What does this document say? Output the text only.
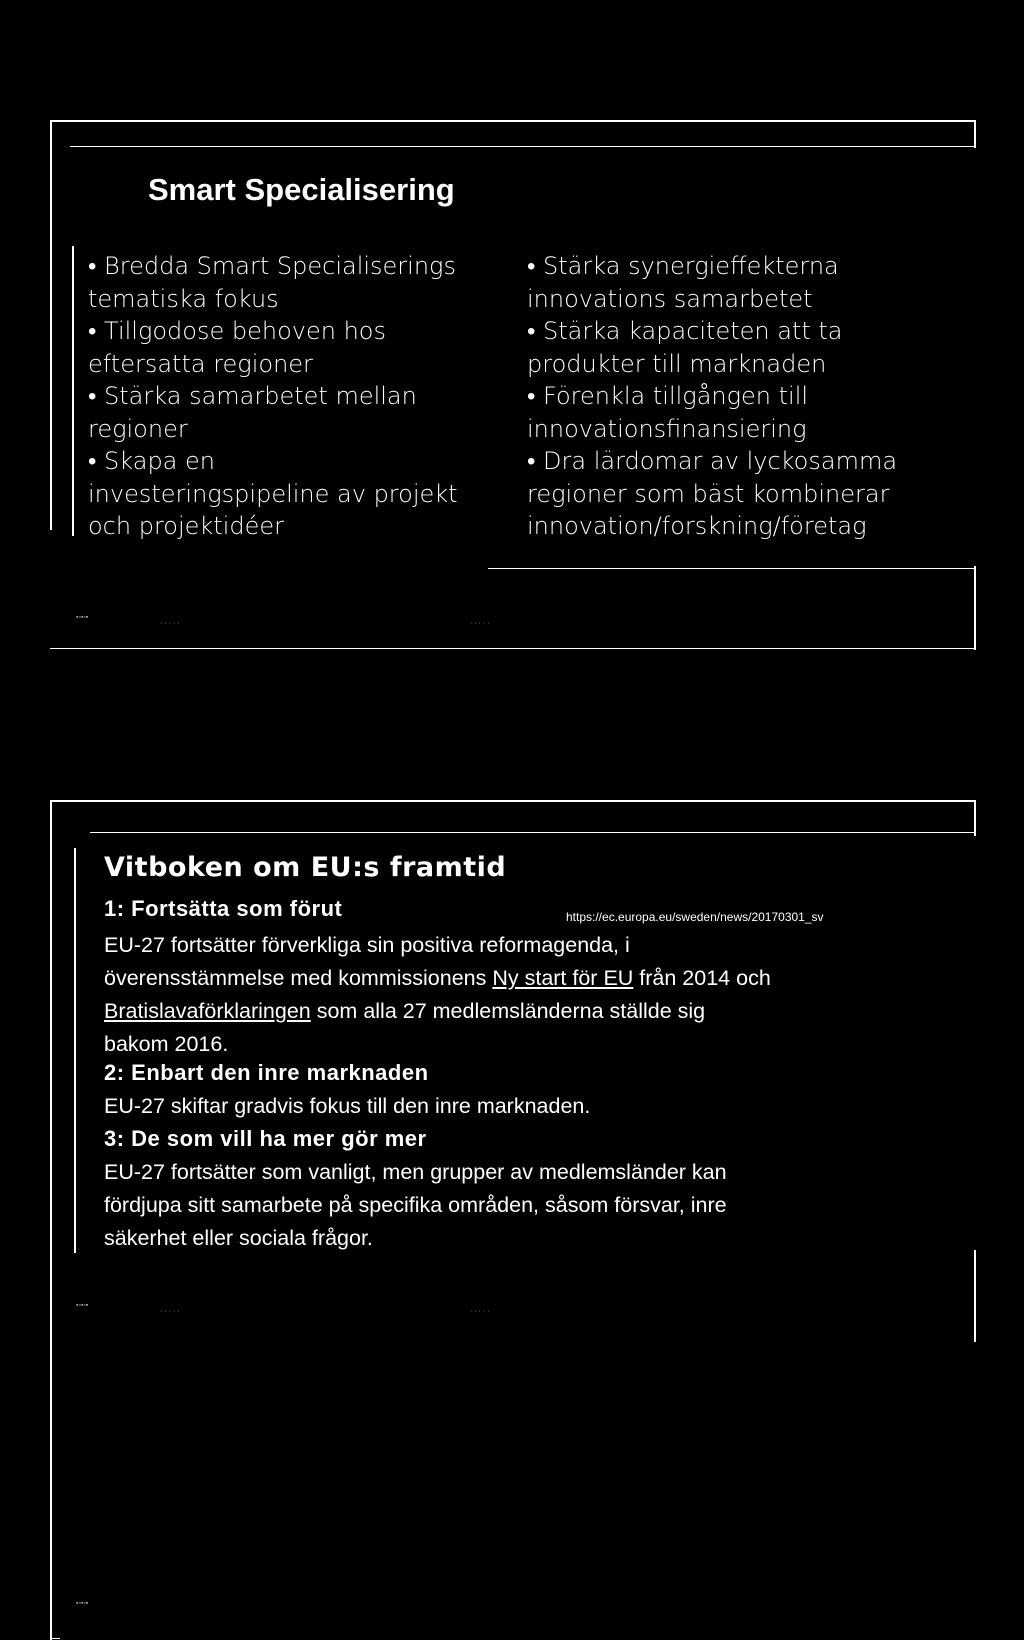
Smart Specialisering
• Bredda Smart Specialiserings
tematiska fokus
• Tillgodose behoven hos
eftersatta regioner
• Stärka samarbetet mellan
regioner
• Skapa en
investeringspipeline av projekt
och projektidéer
• Stärka synergieffekterna
innovations samarbetet
• Stärka kapaciteten att ta
produkter till marknaden
• Förenkla tillgången till
innovationsfinansiering
• Dra lärdomar av lyckosamma
regioner som bäst kombinerar
innovation/forskning/företag
▪▫▪▫▪
· · · · ·	· · · · ·
Vitboken om EU:s framtid
1: Fortsätta som förut	https://ec.europa.eu/sweden/news/20170301_sv
EU-27 fortsätter förverkliga sin positiva reformagenda, i
överensstämmelse med kommissionens Ny start för EU från 2014 och
Bratislavaförklaringen som alla 27 medlemsländerna ställde sig
bakom 2016.
2: Enbart den inre marknaden
EU-27 skiftar gradvis fokus till den inre marknaden.
3: De som vill ha mer gör mer
EU-27 fortsätter som vanligt, men grupper av medlemsländer kan
fördjupa sitt samarbete på specifika områden, såsom försvar, inre
säkerhet eller sociala frågor.
▪▫▪▫▪
▪▫▪▫▪
· · · · ·	· · · · ·
